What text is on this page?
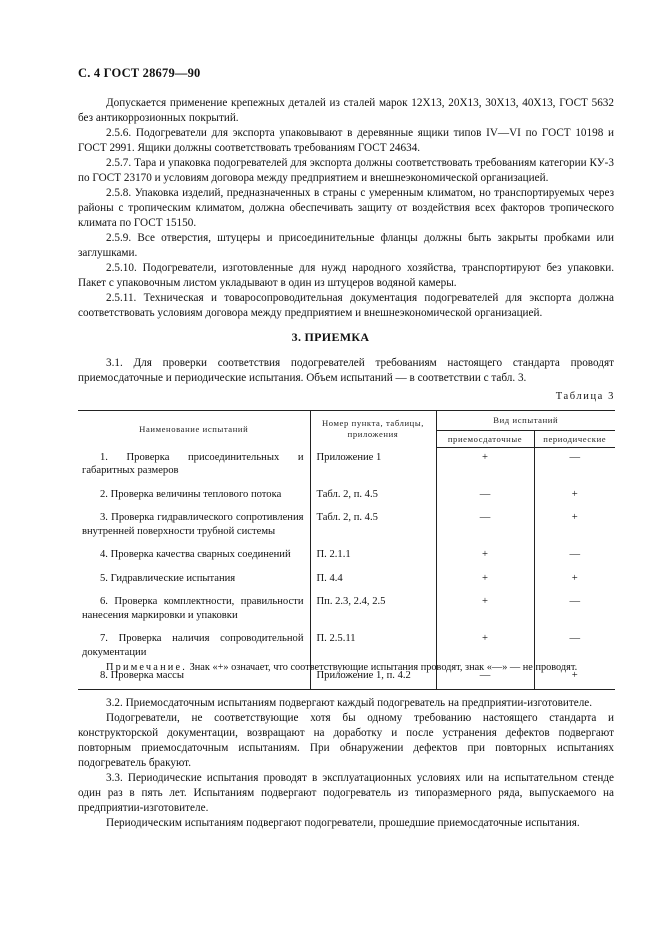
С. 4 ГОСТ 28679—90

Допускается применение крепежных деталей из сталей марок 12Х13, 20Х13, 30Х13, 40Х13, ГОСТ 5632 без антикоррозионных покрытий.

2.5.6. Подогреватели для экспорта упаковывают в деревянные ящики типов IV—VI по ГОСТ 10198 и ГОСТ 2991. Ящики должны соответствовать требованиям ГОСТ 24634.

2.5.7. Тара и упаковка подогревателей для экспорта должны соответствовать требованиям категории КУ-3 по ГОСТ 23170 и условиям договора между предприятием и внешнеэкономической организацией.

2.5.8. Упаковка изделий, предназначенных в страны с умеренным климатом, но транспортируемых через районы с тропическим климатом, должна обеспечивать защиту от воздействия всех факторов тропического климата по ГОСТ 15150.

2.5.9. Все отверстия, штуцеры и присоединительные фланцы должны быть закрыты пробками или заглушками.

2.5.10. Подогреватели, изготовленные для нужд народного хозяйства, транспортируют без упаковки. Пакет с упаковочным листом укладывают в один из штуцеров водяной камеры.

2.5.11. Техническая и товаросопроводительная документация подогревателей для экспорта должна соответствовать условиям договора между предприятием и внешнеэкономической организацией.

3. ПРИЕМКА

3.1. Для проверки соответствия подогревателей требованиям настоящего стандарта проводят приемосдаточные и периодические испытания. Объем испытаний — в соответствии с табл. 3.

Таблица 3
Наименование испытаний	Номер пункта, таблицы, приложения	Вид испытаний	
		приемосдаточные	периодические
1. Проверка присоединительных и габаритных размеров	Приложение 1	+	—
2. Проверка величины теплового потока	Табл. 2, п. 4.5	—	+
3. Проверка гидравлического сопротивления внутренней поверхности трубной системы	Табл. 2, п. 4.5	—	+
4. Проверка качества сварных соединений	П. 2.1.1	+	—
5. Гидравлические испытания	П. 4.4	+	+
6. Проверка комплектности, правильности нанесения маркировки и упаковки	Пп. 2.3, 2.4, 2.5	+	—
7. Проверка наличия сопроводительной документации	П. 2.5.11	+	—
8. Проверка массы	Приложение 1, п. 4.2	—	+
Примечание. Знак «+» означает, что соответствующие испытания проводят, знак «—» — не проводят.

3.2. Приемосдаточным испытаниям подвергают каждый подогреватель на предприятии-изготовителе.

Подогреватели, не соответствующие хотя бы одному требованию настоящего стандарта и конструкторской документации, возвращают на доработку и после устранения дефектов подвергают повторным приемосдаточным испытаниям. При обнаружении дефектов при повторных испытаниях подогреватель бракуют.

3.3. Периодические испытания проводят в эксплуатационных условиях или на испытательном стенде один раз в пять лет. Испытаниям подвергают подогреватель из типоразмерного ряда, выпускаемого на предприятии-изготовителе.

Периодическим испытаниям подвергают подогреватели, прошедшие приемосдаточные испытания.
